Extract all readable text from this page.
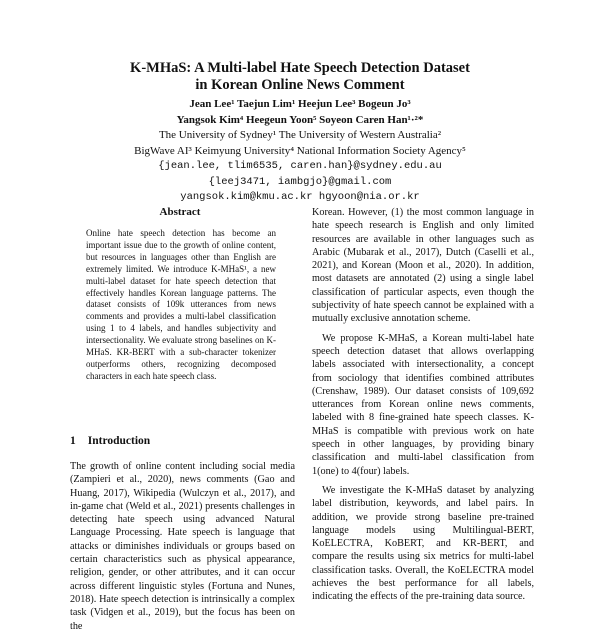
K-MHaS: A Multi-label Hate Speech Detection Dataset
in Korean Online News Comment
Jean Lee¹ Taejun Lim¹ Heejun Lee³ Bogeun Jo³
Yangsok Kim⁴ Heegeun Yoon⁵ Soyeon Caren Han¹·²*
The University of Sydney¹ The University of Western Australia²
BigWave AI³ Keimyung University⁴ National Information Society Agency⁵
{jean.lee, tlim6535, caren.han}@sydney.edu.au
{leej3471, iambgjo}@gmail.com
yangsok.kim@kmu.ac.kr hgyoon@nia.or.kr
Abstract
Online hate speech detection has become an important issue due to the growth of online content, but resources in languages other than English are extremely limited. We introduce K-MHaS¹, a new multi-label dataset for hate speech detection that effectively handles Korean language patterns. The dataset consists of 109k utterances from news comments and provides a multi-label classification using 1 to 4 labels, and handles subjectivity and intersectionality. We evaluate strong baselines on K-MHaS. KR-BERT with a sub-character tokenizer outperforms others, recognizing decomposed characters in each hate speech class.
1 Introduction

The growth of online content including social media (Zampieri et al., 2020), news comments (Gao and Huang, 2017), Wikipedia (Wulczyn et al., 2017), and in-game chat (Weld et al., 2021) presents challenges in detecting hate speech using advanced Natural Language Processing. Hate speech is language that attacks or diminishes individuals or groups based on certain characteristics such as physical appearance, religion, gender, or other attributes, and it can occur across different linguistic styles (Fortuna and Nunes, 2018). Hate speech detection is intrinsically a complex task (Vidgen et al., 2019), but the focus has been on the

Korean. However, (1) the most common language in hate speech research is English and only limited resources are available in other languages such as Arabic (Mubarak et al., 2017), Dutch (Caselli et al., 2021), and Korean (Moon et al., 2020). In addition, most datasets are annotated (2) using a single label classification of particular aspects, even though the subjectivity of hate speech cannot be explained with a mutually exclusive annotation scheme.

We propose K-MHaS, a Korean multi-label hate speech detection dataset that allows overlapping labels associated with intersectionality, a concept from sociology that identifies combined attributes (Crenshaw, 1989). Our dataset consists of 109,692 utterances from Korean online news comments, labeled with 8 fine-grained hate speech classes. K-MHaS is compatible with previous work on hate speech in other languages, by providing binary classification and multi-label classification from 1(one) to 4(four) labels.

We investigate the K-MHaS dataset by analyzing label distribution, keywords, and label pairs. In addition, we provide strong baseline pre-trained language models using Multilingual-BERT, KoELECTRA, KoBERT, and KR-BERT, and compare the results using six metrics for multi-label classification tasks. Overall, the KoELECTRA model achieves the best performance for all labels, indicating the effects of the pre-training data source.
